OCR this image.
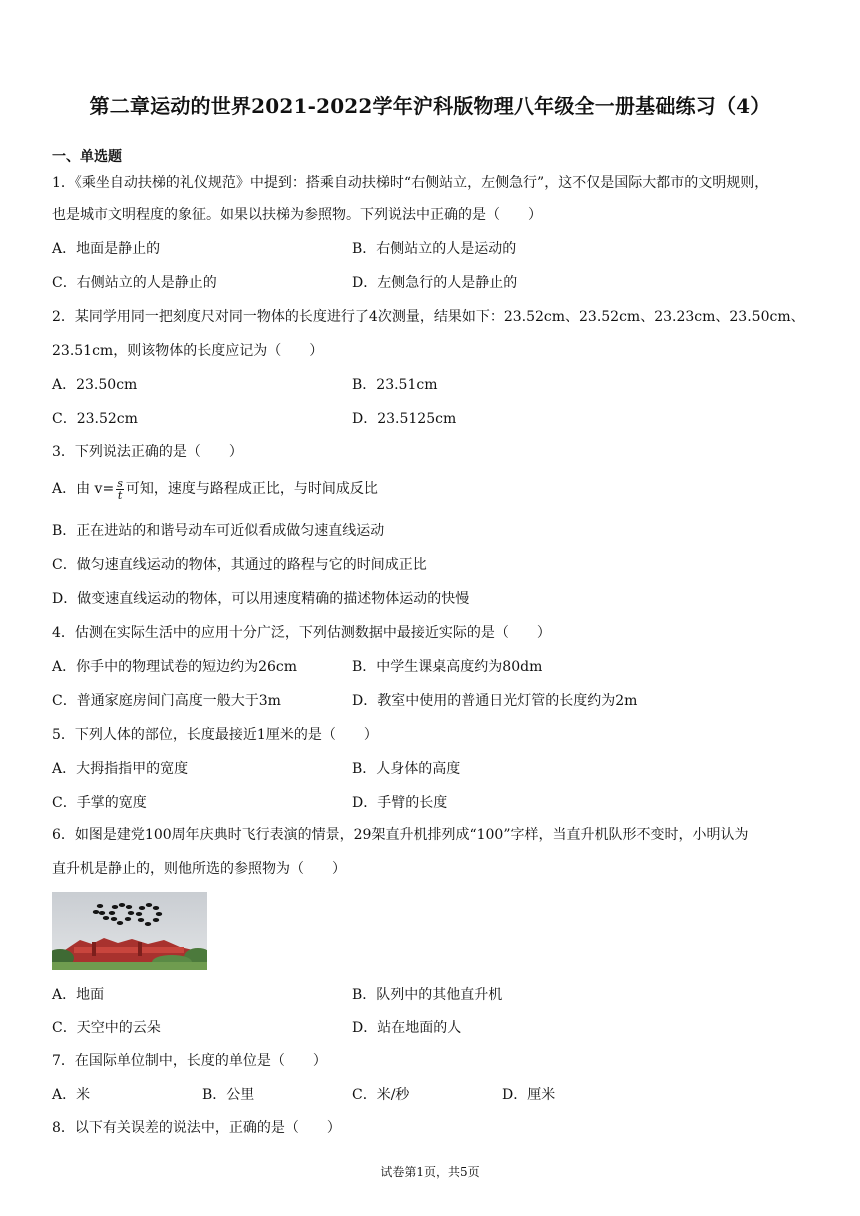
第二章运动的世界2021-2022学年沪科版物理八年级全一册基础练习（4）
一、单选题
1．《乘坐自动扶梯的礼仪规范》中提到：搭乘自动扶梯时“右侧站立，左侧急行”，这不仅是国际大都市的文明规则，
也是城市文明程度的象征。如果以扶梯为参照物。下列说法中正确的是（　　）
A．地面是静止的	B．右侧站立的人是运动的
C．右侧站立的人是静止的	D．左侧急行的人是静止的
2．某同学用同一把刻度尺对同一物体的长度进行了4次测量，结果如下：23.52cm、23.52cm、23.23cm、23.50cm、
23.51cm，则该物体的长度应记为（　　）
A．23.50cm	B．23.51cm
C．23.52cm	D．23.5125cm
3．下列说法正确的是（　　）
A．由 $v= \frac{s}{t}$ 可知，速度与路程成正比，与时间成反比
B．正在进站的和谐号动车可近似看成做匀速直线运动
C．做匀速直线运动的物体，其通过的路程与它的时间成正比
D．做变速直线运动的物体，可以用速度精确的描述物体运动的快慢
4．估测在实际生活中的应用十分广泛，下列估测数据中最接近实际的是（　　）
A．你手中的物理试卷的短边约为26cm	B．中学生课桌高度约为80dm
C．普通家庭房间门高度一般大于3m	D．教室中使用的普通日光灯管的长度约为2m
5．下列人体的部位，长度最接近1厘米的是（　　）
A．大拇指指甲的宽度	B．人身体的高度
C．手掌的宽度	D．手臂的长度
6．如图是建党100周年庆典时飞行表演的情景，29架直升机排列成“100”字样，当直升机队形不变时，小明认为
直升机是静止的，则他所选的参照物为（　　）
A．地面	B．队列中的其他直升机
C．天空中的云朵	D．站在地面的人
7．在国际单位制中，长度的单位是（　　）
A．米	B．公里	C．米/秒	D．厘米
8．以下有关误差的说法中，正确的是（　　）
试卷第1页，共5页
